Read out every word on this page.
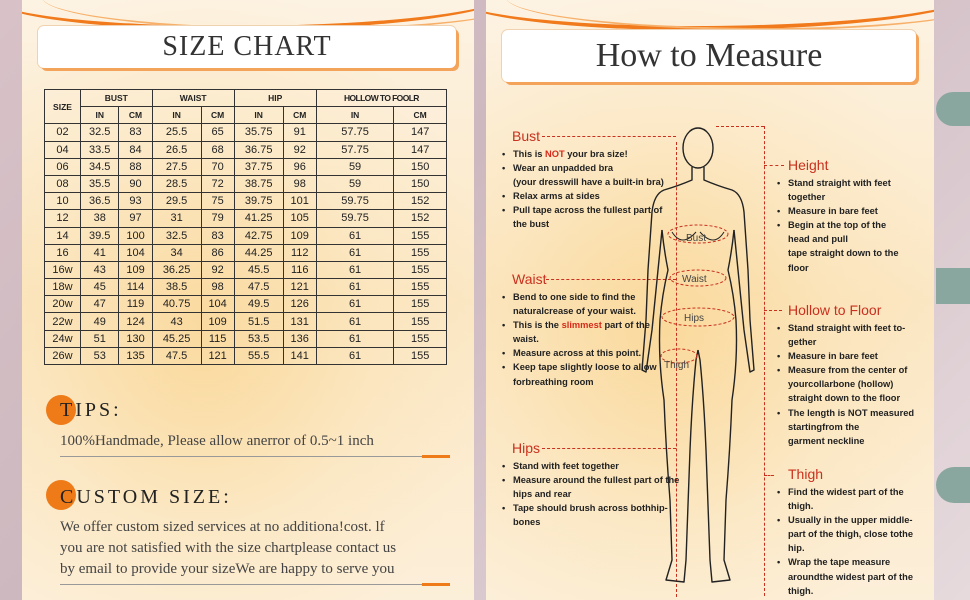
SIZE CHART
SIZE	BUST		WAIST		HIP		HOLLOW TO FOOLR	
	IN	CM	IN	CM	IN	CM	IN	CM
02	32.5	83	25.5	65	35.75	91	57.75	147
04	33.5	84	26.5	68	36.75	92	57.75	147
06	34.5	88	27.5	70	37.75	96	59	150
08	35.5	90	28.5	72	38.75	98	59	150
10	36.5	93	29.5	75	39.75	101	59.75	152
12	38	97	31	79	41.25	105	59.75	152
14	39.5	100	32.5	83	42.75	109	61	155
16	41	104	34	86	44.25	112	61	155
16w	43	109	36.25	92	45.5	116	61	155
18w	45	114	38.5	98	47.5	121	61	155
20w	47	119	40.75	104	49.5	126	61	155
22w	49	124	43	109	51.5	131	61	155
24w	51	130	45.25	115	53.5	136	61	155
26w	53	135	47.5	121	55.5	141	61	155
TIPS:
100%Handmade, Please allow anerror of 0.5~1 inch
CUSTOM SIZE:
We offer custom sized services at no additiona!cost. lf
you are not satisfied with the size chartplease contact us
by email to provide your sizeWe are happy to serve you
How to Measure
Bust
Waist
Hips
Thigh
Bust
• This is NOT your bra size!
• Wear an unpadded bra
(your dresswill have a built-in bra)
• Relax arms at sides
• Pull tape across the fullest part of
the bust
Waist
• Bend to one side to find the
naturalcrease of your waist.
• This is the slimmest part of the
waist.
• Measure across at this point.
• Keep tape slightly loose to allow
forbreathing room
Hips
• Stand with feet together
• Measure around the fullest part of the
hips and rear
• Tape should brush across bothhip-
bones
Height
• Stand straight with feet
together
• Measure in bare feet
• Begin at the top of the
head and pull
tape straight down to the
floor
Hollow to Floor
• Stand straight with feet to-
gether
• Measure in bare feet
• Measure from the center of
yourcollarbone (hollow)
straight down to the floor
• The length is NOT measured
startingfrom the
garment neckline
Thigh
• Find the widest part of the
thigh.
• Usually in the upper middle-
part of the thigh, close tothe
hip.
• Wrap the tape measure
aroundthe widest part of the
thigh.
